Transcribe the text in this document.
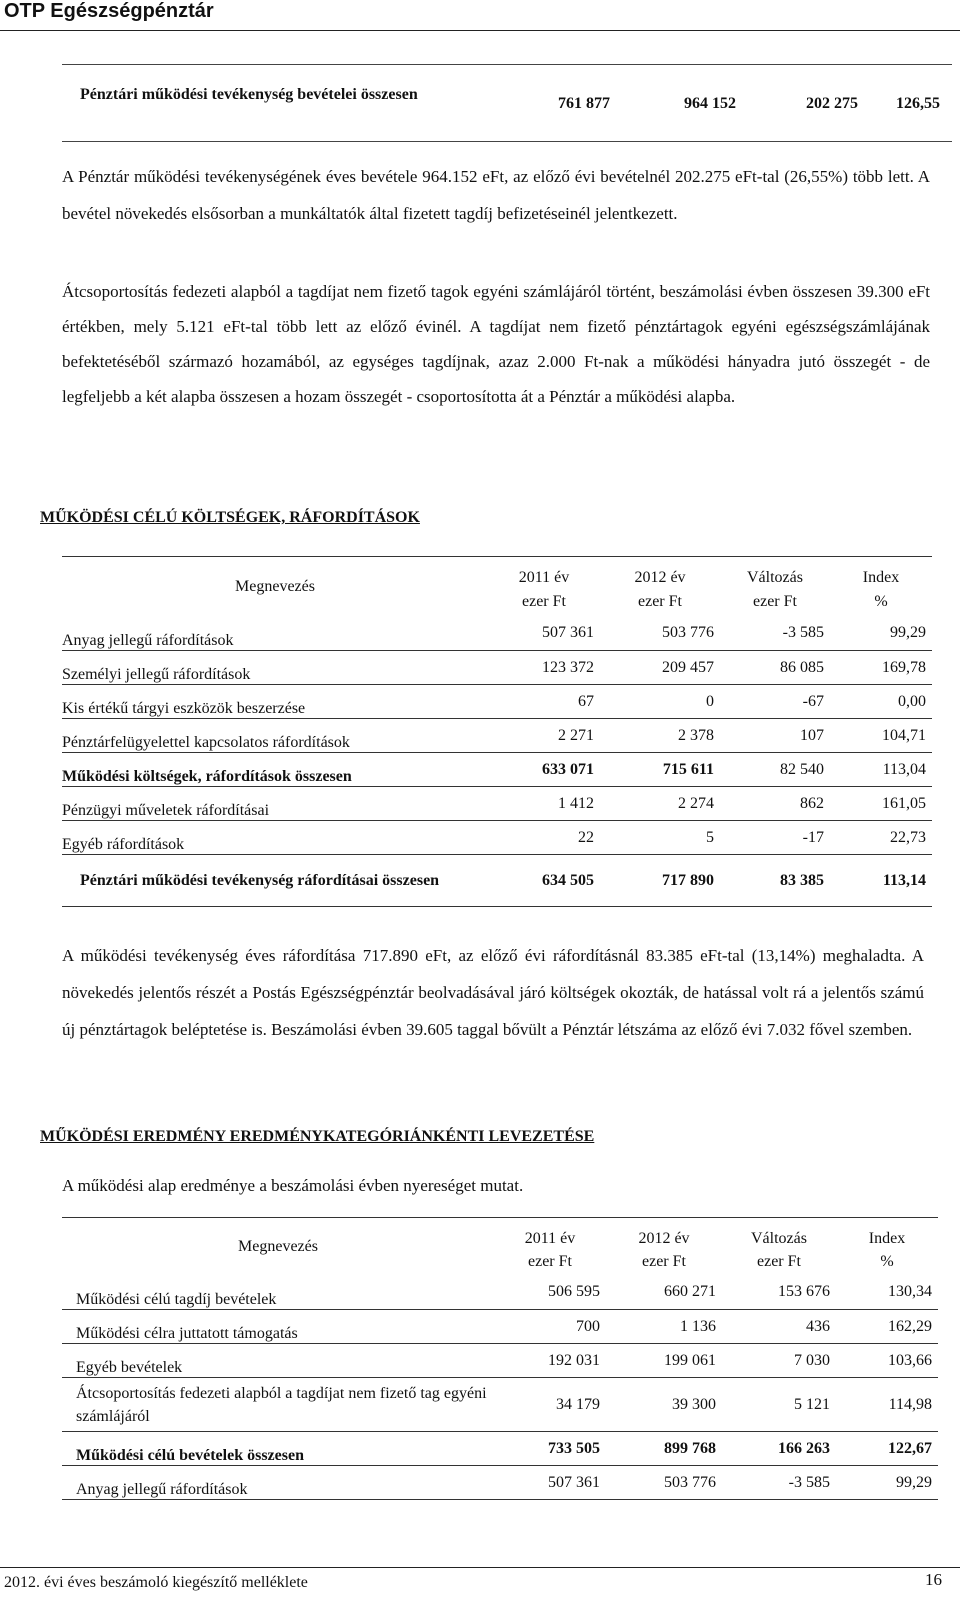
OTP Egészségpénztár
Pénztári működési tevékenység bevételei összesen
761 877	964 152	202 275	126,55
A Pénztár működési tevékenységének éves bevétele 964.152 eFt, az előző évi bevételnél 202.275 eFt-tal (26,55%) több lett. A bevétel növekedés elsősorban a munkáltatók által fizetett tagdíj befizetéseinél jelentkezett.
Átcsoportosítás fedezeti alapból a tagdíjat nem fizető tagok egyéni számlájáról történt, beszámolási évben összesen 39.300 eFt értékben, mely 5.121 eFt-tal több lett az előző évinél. A tagdíjat nem fizető pénztártagok egyéni egészségszámlájának befektetéséből származó hozamából, az egységes tagdíjnak, azaz 2.000 Ft-nak a működési hányadra jutó összegét - de legfeljebb a két alapba összesen a hozam összegét - csoportosította át a Pénztár a működési alapba.
MŰKÖDÉSI CÉLÚ KÖLTSÉGEK, RÁFORDÍTÁSOK
Megnevezés	2011 év	2012 év	Változás	Index
	ezer Ft	ezer Ft	ezer Ft	%
Anyag jellegű ráfordítások	507 361	503 776	-3 585	99,29
Személyi jellegű ráfordítások	123 372	209 457	86 085	169,78
Kis értékű tárgyi eszközök beszerzése	67	0	-67	0,00
Pénztárfelügyelettel kapcsolatos ráfordítások	2 271	2 378	107	104,71
Működési költségek, ráfordítások összesen	633 071	715 611	82 540	113,04
Pénzügyi műveletek ráfordításai	1 412	2 274	862	161,05
Egyéb ráfordítások	22	5	-17	22,73
Pénztári működési tevékenység ráfordításai összesen	634 505	717 890	83 385	113,14
A működési tevékenység éves ráfordítása 717.890 eFt, az előző évi ráfordításnál 83.385 eFt-tal (13,14%) meghaladta. A növekedés jelentős részét a Postás Egészségpénztár beolvadásával járó költségek okozták, de hatással volt rá a jelentős számú új pénztártagok beléptetése is. Beszámolási évben 39.605 taggal bővült a Pénztár létszáma az előző évi 7.032 fővel szemben.
MŰKÖDÉSI EREDMÉNY EREDMÉNYKATEGÓRIÁNKÉNTI LEVEZETÉSE
A működési alap eredménye a beszámolási évben nyereséget mutat.
Megnevezés	2011 év	2012 év	Változás	Index
	ezer Ft	ezer Ft	ezer Ft	%
Működési célú tagdíj bevételek	506 595	660 271	153 676	130,34
Működési célra juttatott támogatás	700	1 136	436	162,29
Egyéb bevételek	192 031	199 061	7 030	103,66
Átcsoportosítás fedezeti alapból a tagdíjat nem fizető tag egyéni számlájáról	34 179	39 300	5 121	114,98
Működési célú bevételek összesen	733 505	899 768	166 263	122,67
Anyag jellegű ráfordítások	507 361	503 776	-3 585	99,29
2012. évi éves beszámoló kiegészítő melléklete	16
